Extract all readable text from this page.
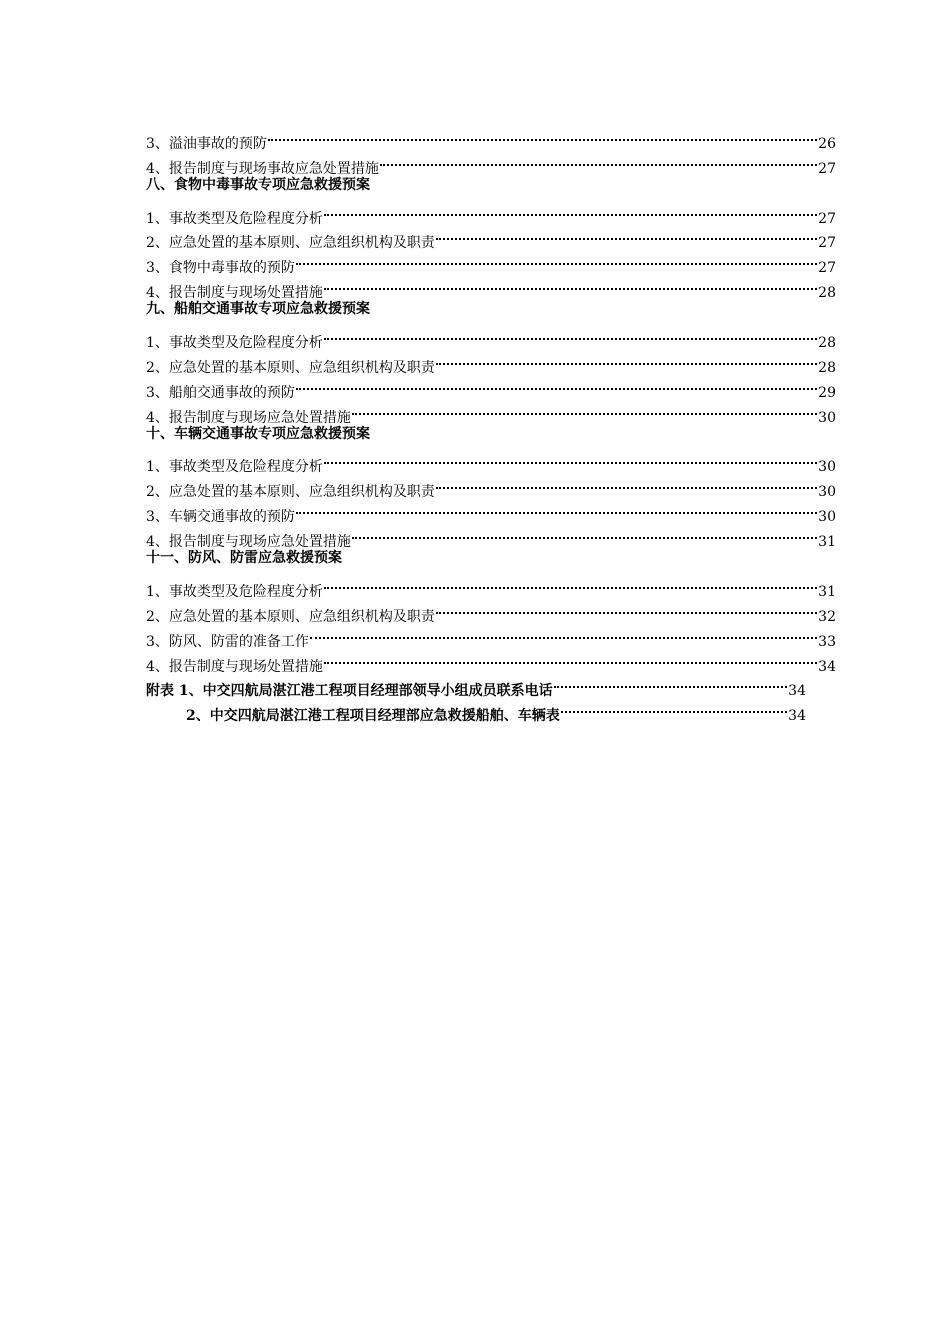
3、溢油事故的预防	26
4、报告制度与现场事故应急处置措施	27
八、食物中毒事故专项应急救援预案
1、事故类型及危险程度分析	27
2、应急处置的基本原则、应急组织机构及职责	27
3、食物中毒事故的预防	27
4、报告制度与现场处置措施	28
九、船舶交通事故专项应急救援预案
1、事故类型及危险程度分析	28
2、应急处置的基本原则、应急组织机构及职责	28
3、船舶交通事故的预防	29
4、报告制度与现场应急处置措施	30
十、车辆交通事故专项应急救援预案
1、事故类型及危险程度分析	30
2、应急处置的基本原则、应急组织机构及职责	30
3、车辆交通事故的预防	30
4、报告制度与现场应急处置措施	31
十一、防风、防雷应急救援预案
1、事故类型及危险程度分析	31
2、应急处置的基本原则、应急组织机构及职责	32
3、防风、防雷的准备工作	33
4、报告制度与现场处置措施	34
附表 1、中交四航局湛江港工程项目经理部领导小组成员联系电话	34
2、中交四航局湛江港工程项目经理部应急救援船舶、车辆表	34
